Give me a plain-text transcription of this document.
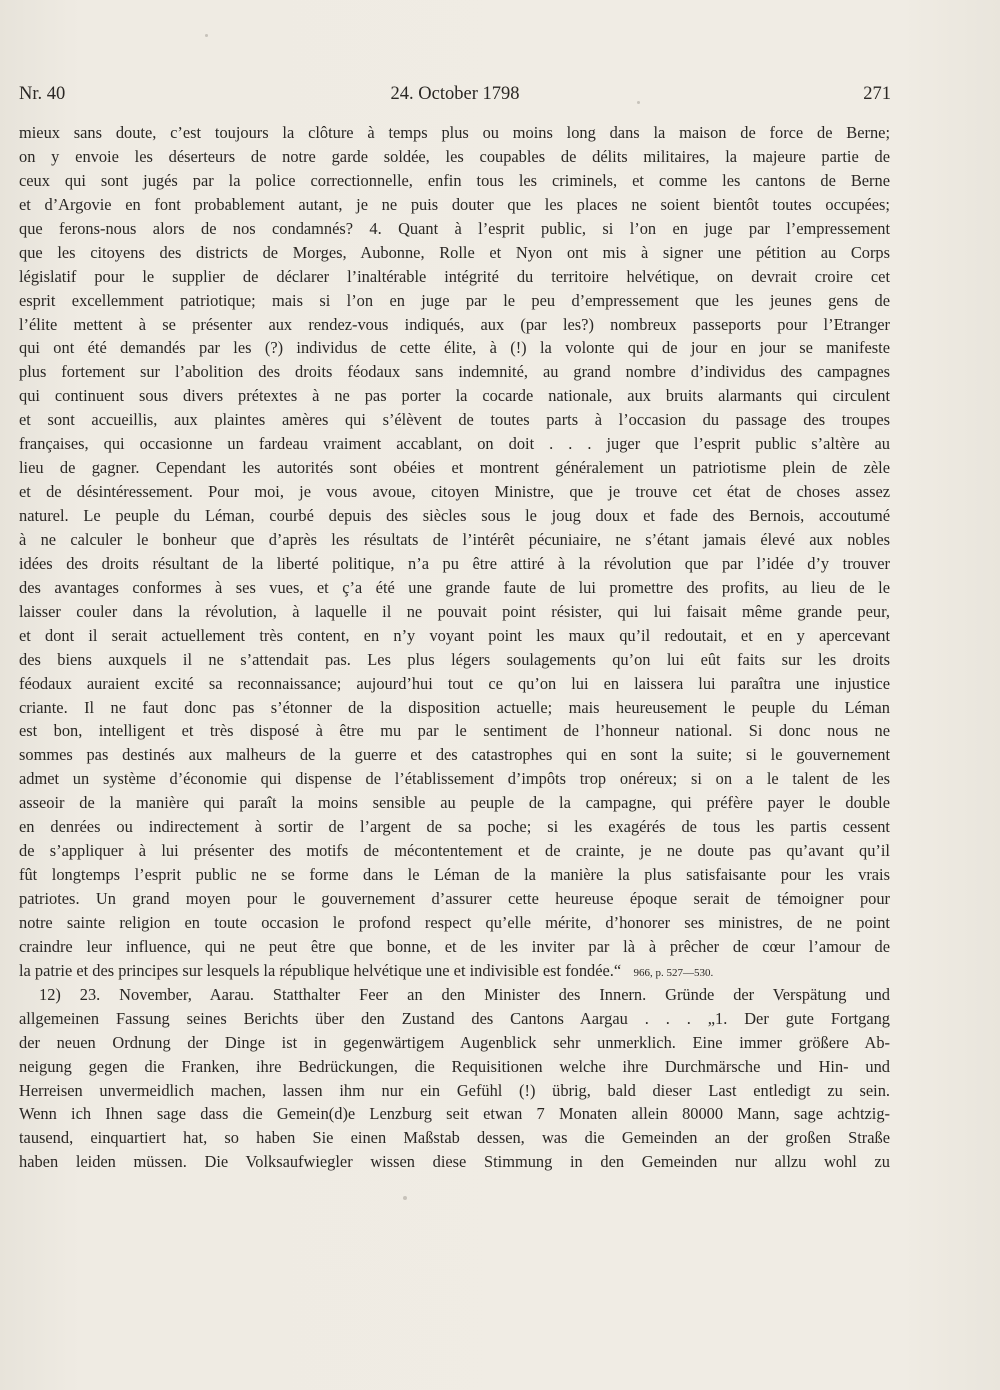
Nr. 40	24. October 1798	271
mieux sans doute, c’est toujours la clôture à temps plus ou moins long dans la maison de force de Berne;
on y envoie les déserteurs de notre garde soldée, les coupables de délits militaires, la majeure partie de
ceux qui sont jugés par la police correctionnelle, enfin tous les criminels, et comme les cantons de Berne
et d’Argovie en font probablement autant, je ne puis douter que les places ne soient bientôt toutes occupées;
que ferons-nous alors de nos condamnés? 4. Quant à l’esprit public, si l’on en juge par l’empressement
que les citoyens des districts de Morges, Aubonne, Rolle et Nyon ont mis à signer une pétition au Corps
législatif pour le supplier de déclarer l’inaltérable intégrité du territoire helvétique, on devrait croire cet
esprit excellemment patriotique; mais si l’on en juge par le peu d’empressement que les jeunes gens de
l’élite mettent à se présenter aux rendez-vous indiqués, aux (par les?) nombreux passeports pour l’Etranger
qui ont été demandés par les (?) individus de cette élite, à (!) la volonte qui de jour en jour se manifeste
plus fortement sur l’abolition des droits féodaux sans indemnité, au grand nombre d’individus des campagnes
qui continuent sous divers prétextes à ne pas porter la cocarde nationale, aux bruits alarmants qui circulent
et sont accueillis, aux plaintes amères qui s’élèvent de toutes parts à l’occasion du passage des troupes
françaises, qui occasionne un fardeau vraiment accablant, on doit . . . juger que l’esprit public s’altère au
lieu de gagner. Cependant les autorités sont obéies et montrent généralement un patriotisme plein de zèle
et de désintéressement. Pour moi, je vous avoue, citoyen Ministre, que je trouve cet état de choses assez
naturel. Le peuple du Léman, courbé depuis des siècles sous le joug doux et fade des Bernois, accoutumé
à ne calculer le bonheur que d’après les résultats de l’intérêt pécuniaire, ne s’étant jamais élevé aux nobles
idées des droits résultant de la liberté politique, n’a pu être attiré à la révolution que par l’idée d’y trouver
des avantages conformes à ses vues, et ç’a été une grande faute de lui promettre des profits, au lieu de le
laisser couler dans la révolution, à laquelle il ne pouvait point résister, qui lui faisait même grande peur,
et dont il serait actuellement très content, en n’y voyant point les maux qu’il redoutait, et en y apercevant
des biens auxquels il ne s’attendait pas. Les plus légers soulagements qu’on lui eût faits sur les droits
féodaux auraient excité sa reconnaissance; aujourd’hui tout ce qu’on lui en laissera lui paraîtra une injustice
criante. Il ne faut donc pas s’étonner de la disposition actuelle; mais heureusement le peuple du Léman
est bon, intelligent et très disposé à être mu par le sentiment de l’honneur national. Si donc nous ne
sommes pas destinés aux malheurs de la guerre et des catastrophes qui en sont la suite; si le gouvernement
admet un système d’économie qui dispense de l’établissement d’impôts trop onéreux; si on a le talent de les
asseoir de la manière qui paraît la moins sensible au peuple de la campagne, qui préfère payer le double
en denrées ou indirectement à sortir de l’argent de sa poche; si les exagérés de tous les partis cessent
de s’appliquer à lui présenter des motifs de mécontentement et de crainte, je ne doute pas qu’avant qu’il
fût longtemps l’esprit public ne se forme dans le Léman de la manière la plus satisfaisante pour les vrais
patriotes. Un grand moyen pour le gouvernement d’assurer cette heureuse époque serait de témoigner pour
notre sainte religion en toute occasion le profond respect qu’elle mérite, d’honorer ses ministres, de ne point
craindre leur influence, qui ne peut être que bonne, et de les inviter par là à prêcher de cœur l’amour de
la patrie et des principes sur lesquels la république helvétique une et indivisible est fondée.“ 966, p. 527—530.
12) 23. November, Aarau. Statthalter Feer an den Minister des Innern. Gründe der Verspätung und
allgemeinen Fassung seines Berichts über den Zustand des Cantons Aargau . . . „1. Der gute Fortgang
der neuen Ordnung der Dinge ist in gegenwärtigem Augenblick sehr unmerklich. Eine immer größere Ab-
neigung gegen die Franken, ihre Bedrückungen, die Requisitionen welche ihre Durchmärsche und Hin- und
Herreisen unvermeidlich machen, lassen ihm nur ein Gefühl (!) übrig, bald dieser Last entledigt zu sein.
Wenn ich Ihnen sage dass die Gemein(d)e Lenzburg seit etwan 7 Monaten allein 80000 Mann, sage achtzig-
tausend, einquartiert hat, so haben Sie einen Maßstab dessen, was die Gemeinden an der großen Straße
haben leiden müssen. Die Volksaufwiegler wissen diese Stimmung in den Gemeinden nur allzu wohl zu
